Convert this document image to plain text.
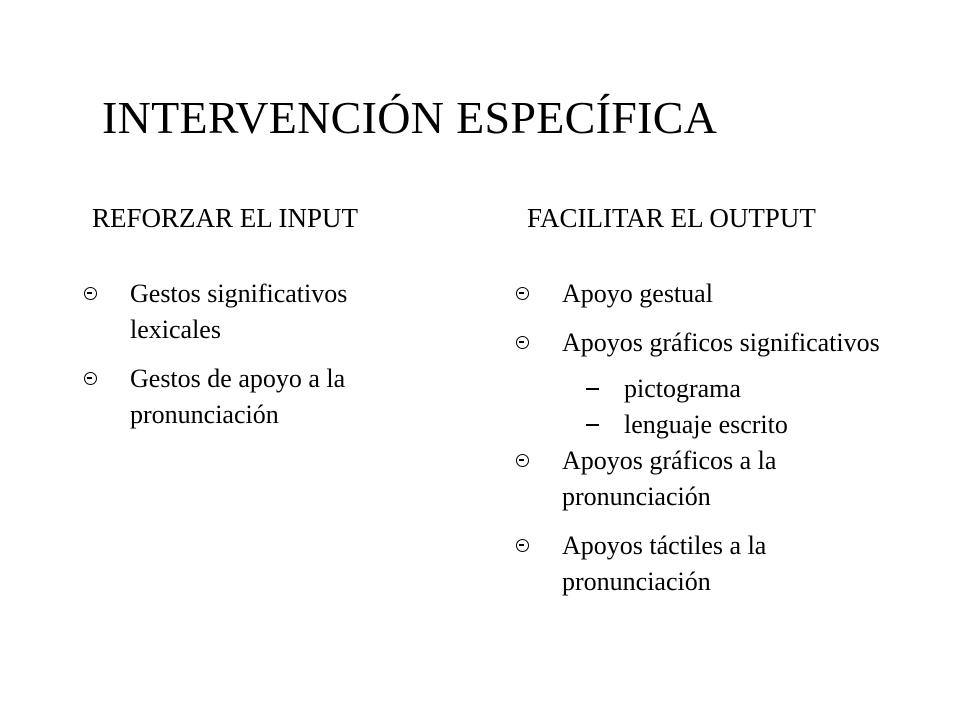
INTERVENCIÓN ESPECÍFICA
REFORZAR EL INPUT	FACILITAR EL OUTPUT
Gestos significativos lexicales
Gestos de apoyo a la pronunciación
Apoyo gestual
Apoyos gráficos significativos
pictograma
lenguaje escrito
Apoyos gráficos a la pronunciación
Apoyos táctiles a la pronunciación
